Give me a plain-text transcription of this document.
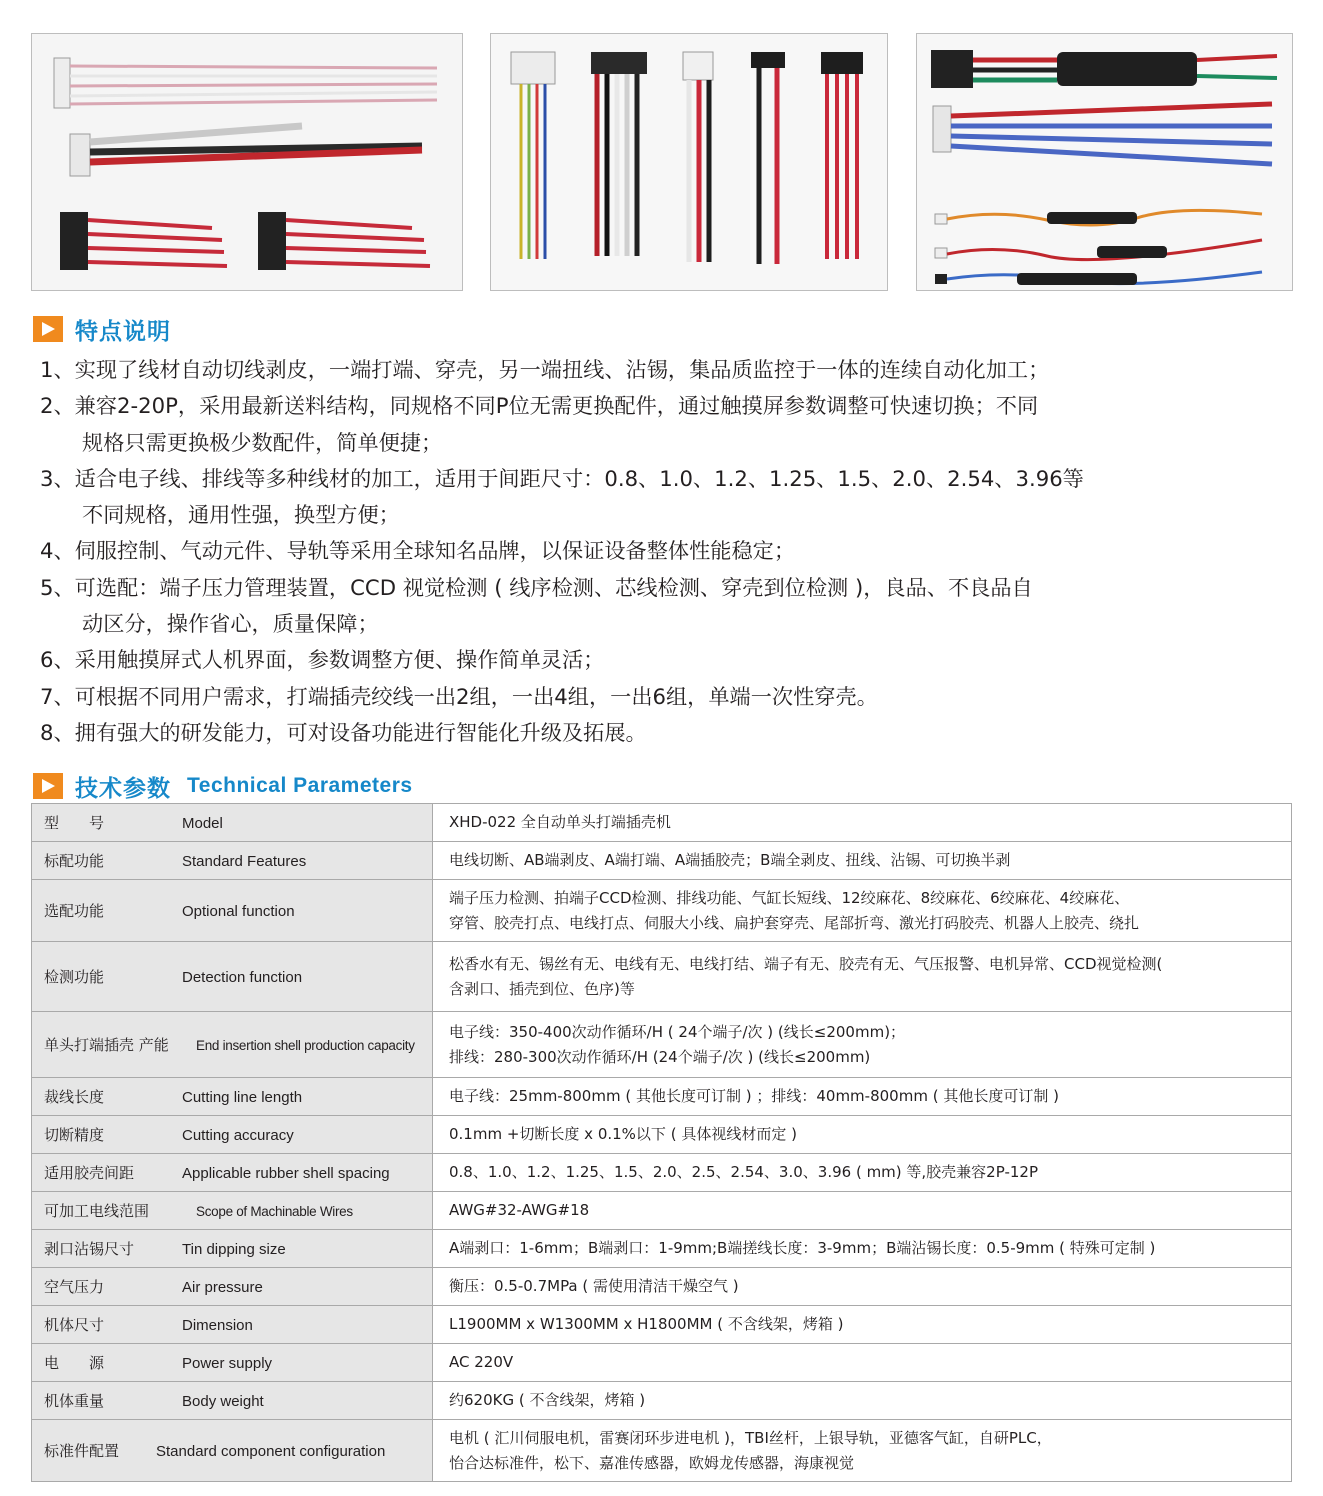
特点说明
1、实现了线材自动切线剥皮，一端打端、穿壳，另一端扭线、沾锡，集品质监控于一体的连续自动化加工；
2、兼容2-20P，采用最新送料结构，同规格不同P位无需更换配件，通过触摸屏参数调整可快速切换；不同
规格只需更换极少数配件，简单便捷；
3、适合电子线、排线等多种线材的加工，适用于间距尺寸：0.8、1.0、1.2、1.25、1.5、2.0、2.54、3.96等
不同规格，通用性强，换型方便；
4、伺服控制、气动元件、导轨等采用全球知名品牌，以保证设备整体性能稳定；
5、可选配：端子压力管理装置，CCD 视觉检测 ( 线序检测、芯线检测、穿壳到位检测 )，良品、不良品自
动区分，操作省心，质量保障；
6、采用触摸屏式人机界面，参数调整方便、操作简单灵活；
7、可根据不同用户需求，打端插壳绞线一出2组，一出4组，一出6组，单端一次性穿壳。
8、拥有强大的研发能力，可对设备功能进行智能化升级及拓展。
技术参数 Technical Parameters
型　　号 Model	XHD-022 全自动单头打端插壳机

标配功能 Standard Features	电线切断、AB端剥皮、A端打端、A端插胶壳；B端全剥皮、扭线、沾锡、可切换半剥

选配功能 Optional function	端子压力检测、拍端子CCD检测、排线功能、气缸长短线、12绞麻花、8绞麻花、6绞麻花、4绞麻花、
穿管、胶壳打点、电线打点、伺服大小线、扁护套穿壳、尾部折弯、激光打码胶壳、机器人上胶壳、绕扎

检测功能 Detection function	松香水有无、锡丝有无、电线有无、电线打结、端子有无、胶壳有无、气压报警、电机异常、CCD视觉检测(
含剥口、插壳到位、色序)等

单头打端插壳 产能 End insertion shell production capacity	电子线：350-400次动作循环/H ( 24个端子/次 ) (线长≤200mm)；
排线：280-300次动作循环/H (24个端子/次 ) (线长≤200mm)

裁线长度 Cutting line length	电子线：25mm-800mm ( 其他长度可订制 ) ；排线：40mm-800mm ( 其他长度可订制 )

切断精度 Cutting accuracy	0.1mm +切断长度 x 0.1%以下 ( 具体视线材而定 )

适用胶壳间距 Applicable rubber shell spacing	0.8、1.0、1.2、1.25、1.5、2.0、2.5、2.54、3.0、3.96 ( mm) 等,胶壳兼容2P-12P

可加工电线范围 Scope of Machinable Wires	AWG#32-AWG#18

剥口沾锡尺寸 Tin dipping size	A端剥口：1-6mm；B端剥口：1-9mm;B端搓线长度：3-9mm；B端沾锡长度：0.5-9mm ( 特殊可定制 )

空气压力 Air pressure	衡压：0.5-0.7MPa ( 需使用清洁干燥空气 )

机体尺寸 Dimension	L1900MM x W1300MM x H1800MM ( 不含线架，烤箱 )

电　　源 Power supply	AC 220V

机体重量 Body weight	约620KG ( 不含线架，烤箱 )

标准件配置 Standard component configuration	电机 ( 汇川伺服电机，雷赛闭环步进电机 )，TBI丝杆，上银导轨，亚德客气缸，自研PLC，
怡合达标准件，松下、嘉准传感器，欧姆龙传感器，海康视觉
